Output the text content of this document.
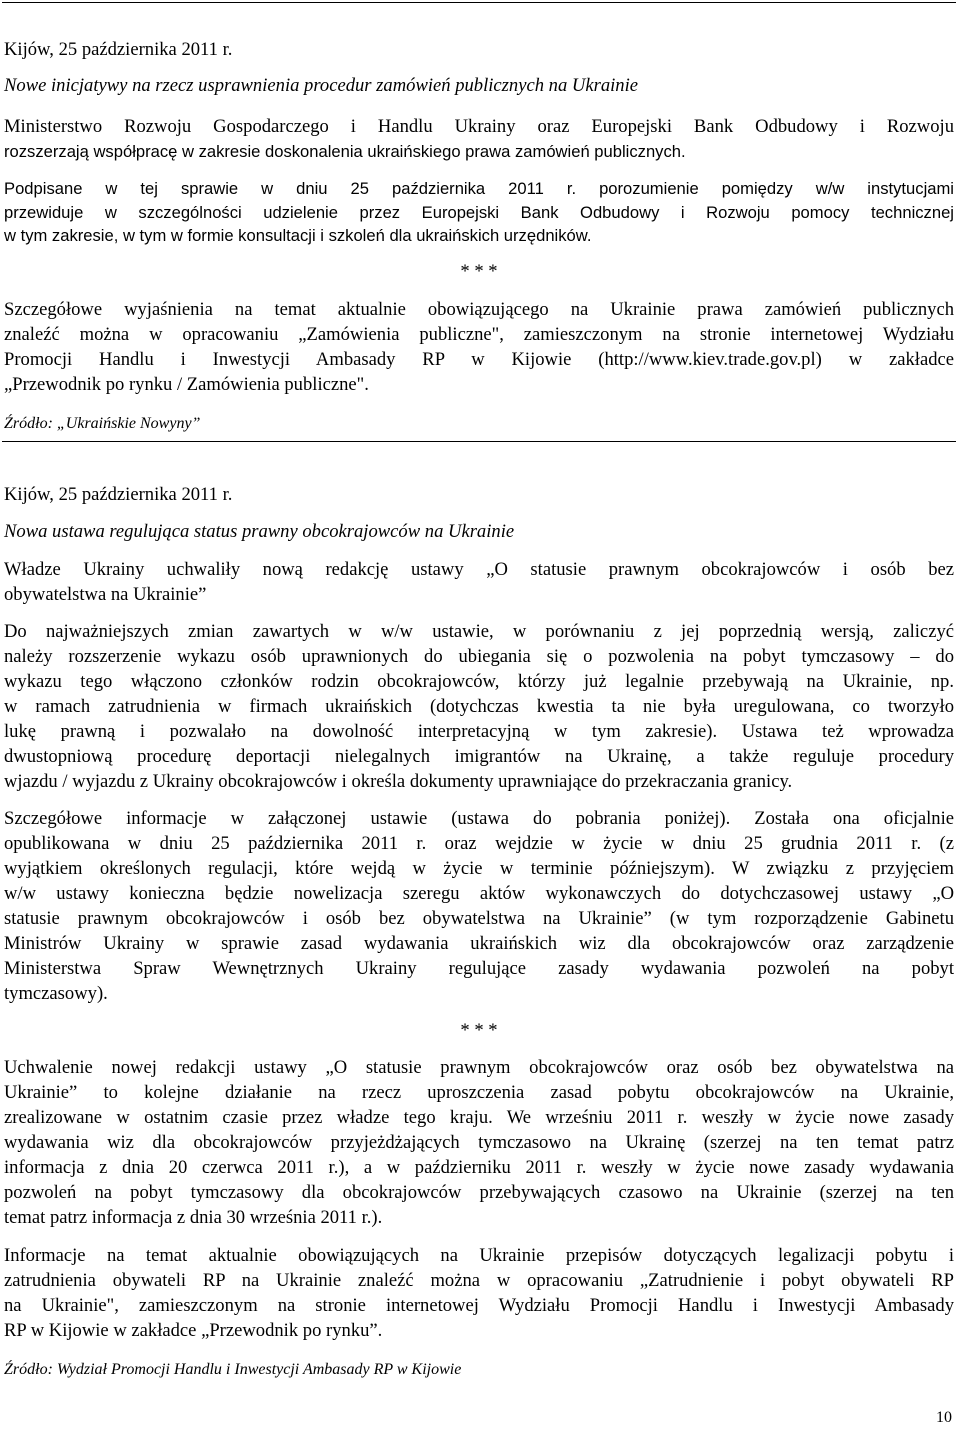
Kijów, 25 października 2011 r.
Nowe inicjatywy na rzecz usprawnienia procedur zamówień publicznych na Ukrainie
Ministerstwo Rozwoju Gospodarczego i Handlu Ukrainy oraz Europejski Bank Odbudowy i Rozwoju
rozszerzają współpracę w zakresie doskonalenia ukraińskiego prawa zamówień publicznych.
Podpisane w tej sprawie w dniu 25 października 2011 r. porozumienie pomiędzy w/w instytucjami
przewiduje w szczególności udzielenie przez Europejski Bank Odbudowy i Rozwoju pomocy technicznej
w tym zakresie, w tym w formie konsultacji i szkoleń dla ukraińskich urzędników.
* * *
Szczegółowe wyjaśnienia na temat aktualnie obowiązującego na Ukrainie prawa zamówień publicznych
znaleźć można w opracowaniu „Zamówienia publiczne", zamieszczonym na stronie internetowej Wydziału
Promocji Handlu i Inwestycji Ambasady RP w Kijowie (http://www.kiev.trade.gov.pl) w zakładce
„Przewodnik po rynku / Zamówienia publiczne".
Źródło: „Ukraińskie Nowyny”
Kijów, 25 października 2011 r.
Nowa ustawa regulująca status prawny obcokrajowców na Ukrainie
Władze Ukrainy uchwaliły nową redakcję ustawy „O statusie prawnym obcokrajowców i osób bez
obywatelstwa na Ukrainie”
Do najważniejszych zmian zawartych w w/w ustawie, w porównaniu z jej poprzednią wersją, zaliczyć
należy rozszerzenie wykazu osób uprawnionych do ubiegania się o pozwolenia na pobyt tymczasowy – do
wykazu tego włączono członków rodzin obcokrajowców, którzy już legalnie przebywają na Ukrainie, np.
w ramach zatrudnienia w firmach ukraińskich (dotychczas kwestia ta nie była uregulowana, co tworzyło
lukę prawną i pozwalało na dowolność interpretacyjną w tym zakresie). Ustawa też wprowadza
dwustopniową procedurę deportacji nielegalnych imigrantów na Ukrainę, a także reguluje procedury
wjazdu / wyjazdu z Ukrainy obcokrajowców i określa dokumenty uprawniające do przekraczania granicy.
Szczegółowe informacje w załączonej ustawie (ustawa do pobrania poniżej). Została ona oficjalnie
opublikowana w dniu 25 października 2011 r. oraz wejdzie w życie w dniu 25 grudnia 2011 r. (z
wyjątkiem określonych regulacji, które wejdą w życie w terminie późniejszym). W związku z przyjęciem
w/w ustawy konieczna będzie nowelizacja szeregu aktów wykonawczych do dotychczasowej ustawy „O
statusie prawnym obcokrajowców i osób bez obywatelstwa na Ukrainie” (w tym rozporządzenie Gabinetu
Ministrów Ukrainy w sprawie zasad wydawania ukraińskich wiz dla obcokrajowców oraz zarządzenie
Ministerstwa Spraw Wewnętrznych Ukrainy regulujące zasady wydawania pozwoleń na pobyt
tymczasowy).
* * *
Uchwalenie nowej redakcji ustawy „O statusie prawnym obcokrajowców oraz osób bez obywatelstwa na
Ukrainie” to kolejne działanie na rzecz uproszczenia zasad pobytu obcokrajowców na Ukrainie,
zrealizowane w ostatnim czasie przez władze tego kraju. We wrześniu 2011 r. weszły w życie nowe zasady
wydawania wiz dla obcokrajowców przyjeżdżających tymczasowo na Ukrainę (szerzej na ten temat patrz
informacja z dnia 20 czerwca 2011 r.), a w październiku 2011 r. weszły w życie nowe zasady wydawania
pozwoleń na pobyt tymczasowy dla obcokrajowców przebywających czasowo na Ukrainie (szerzej na ten
temat patrz informacja z dnia 30 września 2011 r.).
Informacje na temat aktualnie obowiązujących na Ukrainie przepisów dotyczących legalizacji pobytu i
zatrudnienia obywateli RP na Ukrainie znaleźć można w opracowaniu „Zatrudnienie i pobyt obywateli RP
na Ukrainie", zamieszczonym na stronie internetowej Wydziału Promocji Handlu i Inwestycji Ambasady
RP w Kijowie w zakładce „Przewodnik po rynku”.
Źródło: Wydział Promocji Handlu i Inwestycji Ambasady RP w Kijowie
10
